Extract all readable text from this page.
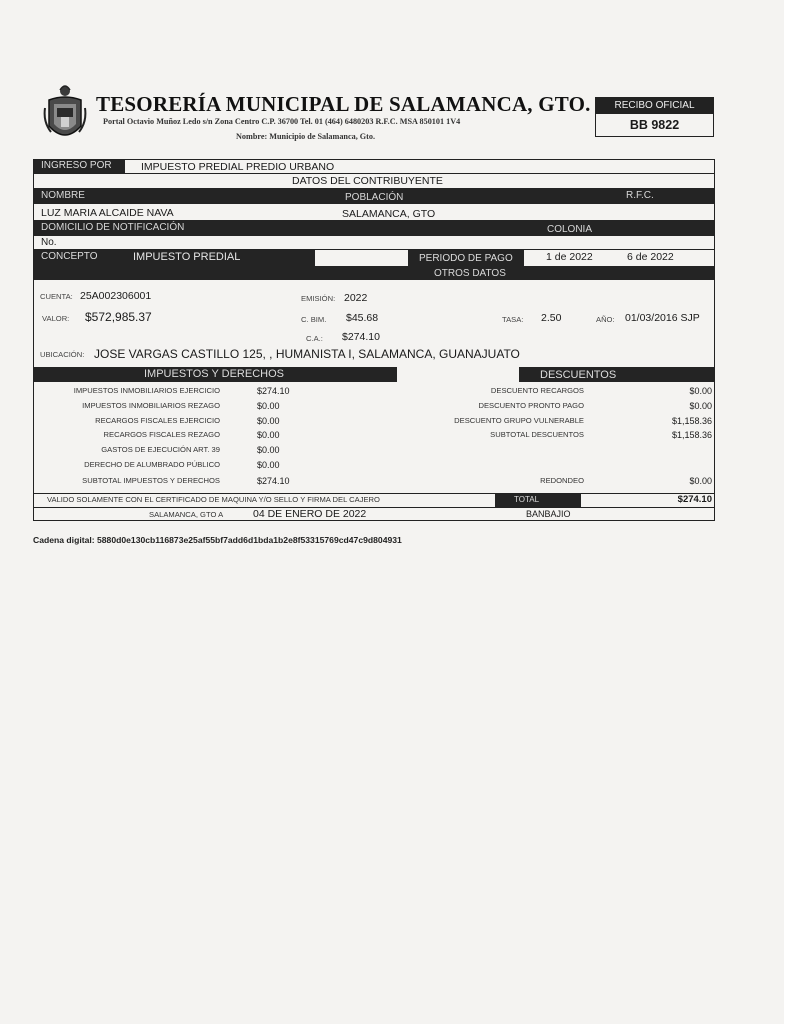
TESORERÍA MUNICIPAL DE SALAMANCA, GTO.
Portal Octavio Muñoz Ledo s/n Zona Centro C.P. 36700 Tel. 01 (464) 6480203 R.F.C. MSA 850101 1V4
Nombre: Municipio de Salamanca, Gto.
RECIBO OFICIAL
BB 9822
INGRESO POR	IMPUESTO PREDIAL PREDIO URBANO
DATOS DEL CONTRIBUYENTE
NOMBRE	POBLACIÓN	R.F.C.
LUZ MARIA ALCAIDE NAVA	SALAMANCA, GTO
DOMICILIO DE NOTIFICACIÓN	COLONIA
No.
CONCEPTO	IMPUESTO PREDIAL	PERIODO DE PAGO	1 de 2022	6 de 2022
OTROS DATOS
CUENTA: 25A002306001	EMISIÓN: 2022
VALOR: $572,985.37	C. BIM. $45.68	TASA: 2.50	AÑO: 01/03/2016 SJP
C.A.: $274.10
UBICACIÓN: JOSE VARGAS CASTILLO 125, , HUMANISTA I, SALAMANCA, GUANAJUATO
IMPUESTOS Y DERECHOS	DESCUENTOS
IMPUESTOS INMOBILIARIOS EJERCICIO	$274.10
IMPUESTOS INMOBILIARIOS REZAGO	$0.00
RECARGOS FISCALES EJERCICIO	$0.00
RECARGOS FISCALES REZAGO	$0.00
GASTOS DE EJECUCIÓN ART. 39	$0.00
DERECHO DE ALUMBRADO PÚBLICO	$0.00
SUBTOTAL IMPUESTOS Y DERECHOS	$274.10
DESCUENTO RECARGOS	$0.00
DESCUENTO PRONTO PAGO	$0.00
DESCUENTO GRUPO VULNERABLE	$1,158.36
SUBTOTAL DESCUENTOS	$1,158.36
REDONDEO	$0.00
VALIDO SOLAMENTE CON EL CERTIFICADO DE MAQUINA Y/O SELLO Y FIRMA DEL CAJERO	TOTAL	$274.10
SALAMANCA, GTO A	04 DE ENERO DE 2022	BANBAJIO
Cadena digital: 5880d0e130cb116873e25af55bf7add6d1bda1b2e8f53315769cd47c9d804931
